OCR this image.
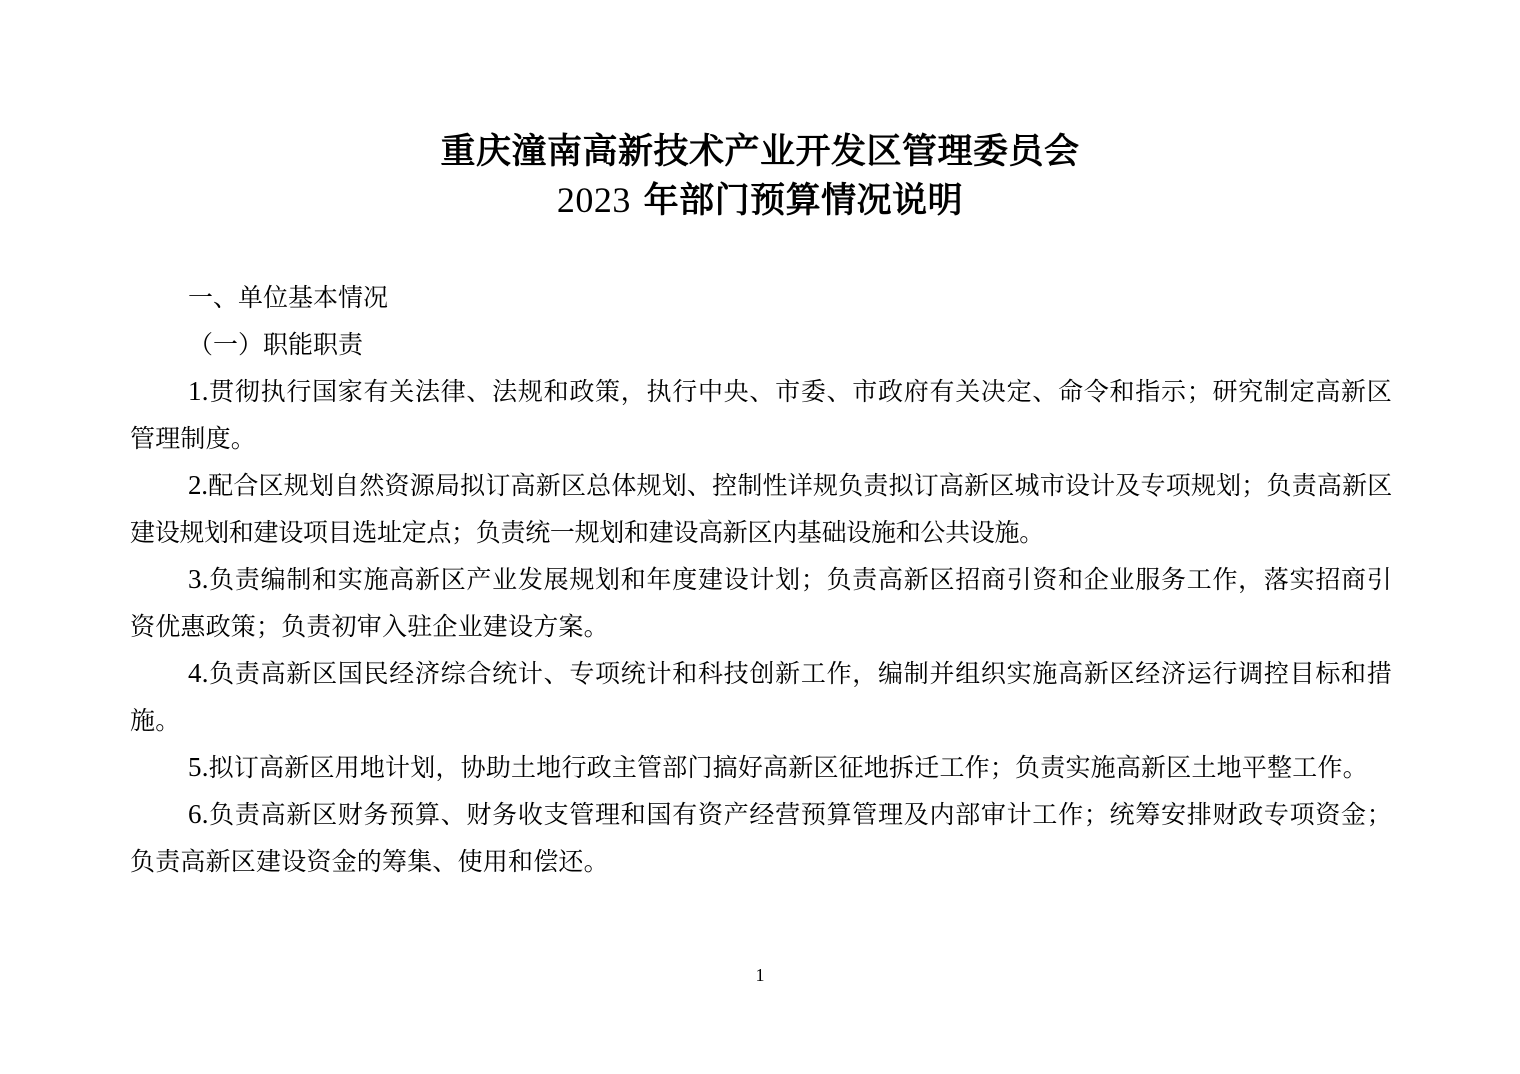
重庆潼南高新技术产业开发区管理委员会
2023 年部门预算情况说明

一、单位基本情况

（一）职能职责

1.贯彻执行国家有关法律、法规和政策，执行中央、市委、市政府有关决定、命令和指示；研究制定高新区管理制度。

2.配合区规划自然资源局拟订高新区总体规划、控制性详规负责拟订高新区城市设计及专项规划；负责高新区建设规划和建设项目选址定点；负责统一规划和建设高新区内基础设施和公共设施。

3.负责编制和实施高新区产业发展规划和年度建设计划；负责高新区招商引资和企业服务工作，落实招商引资优惠政策；负责初审入驻企业建设方案。

4.负责高新区国民经济综合统计、专项统计和科技创新工作，编制并组织实施高新区经济运行调控目标和措施。

5.拟订高新区用地计划，协助土地行政主管部门搞好高新区征地拆迁工作；负责实施高新区土地平整工作。

6.负责高新区财务预算、财务收支管理和国有资产经营预算管理及内部审计工作；统筹安排财政专项资金；负责高新区建设资金的筹集、使用和偿还。

1
